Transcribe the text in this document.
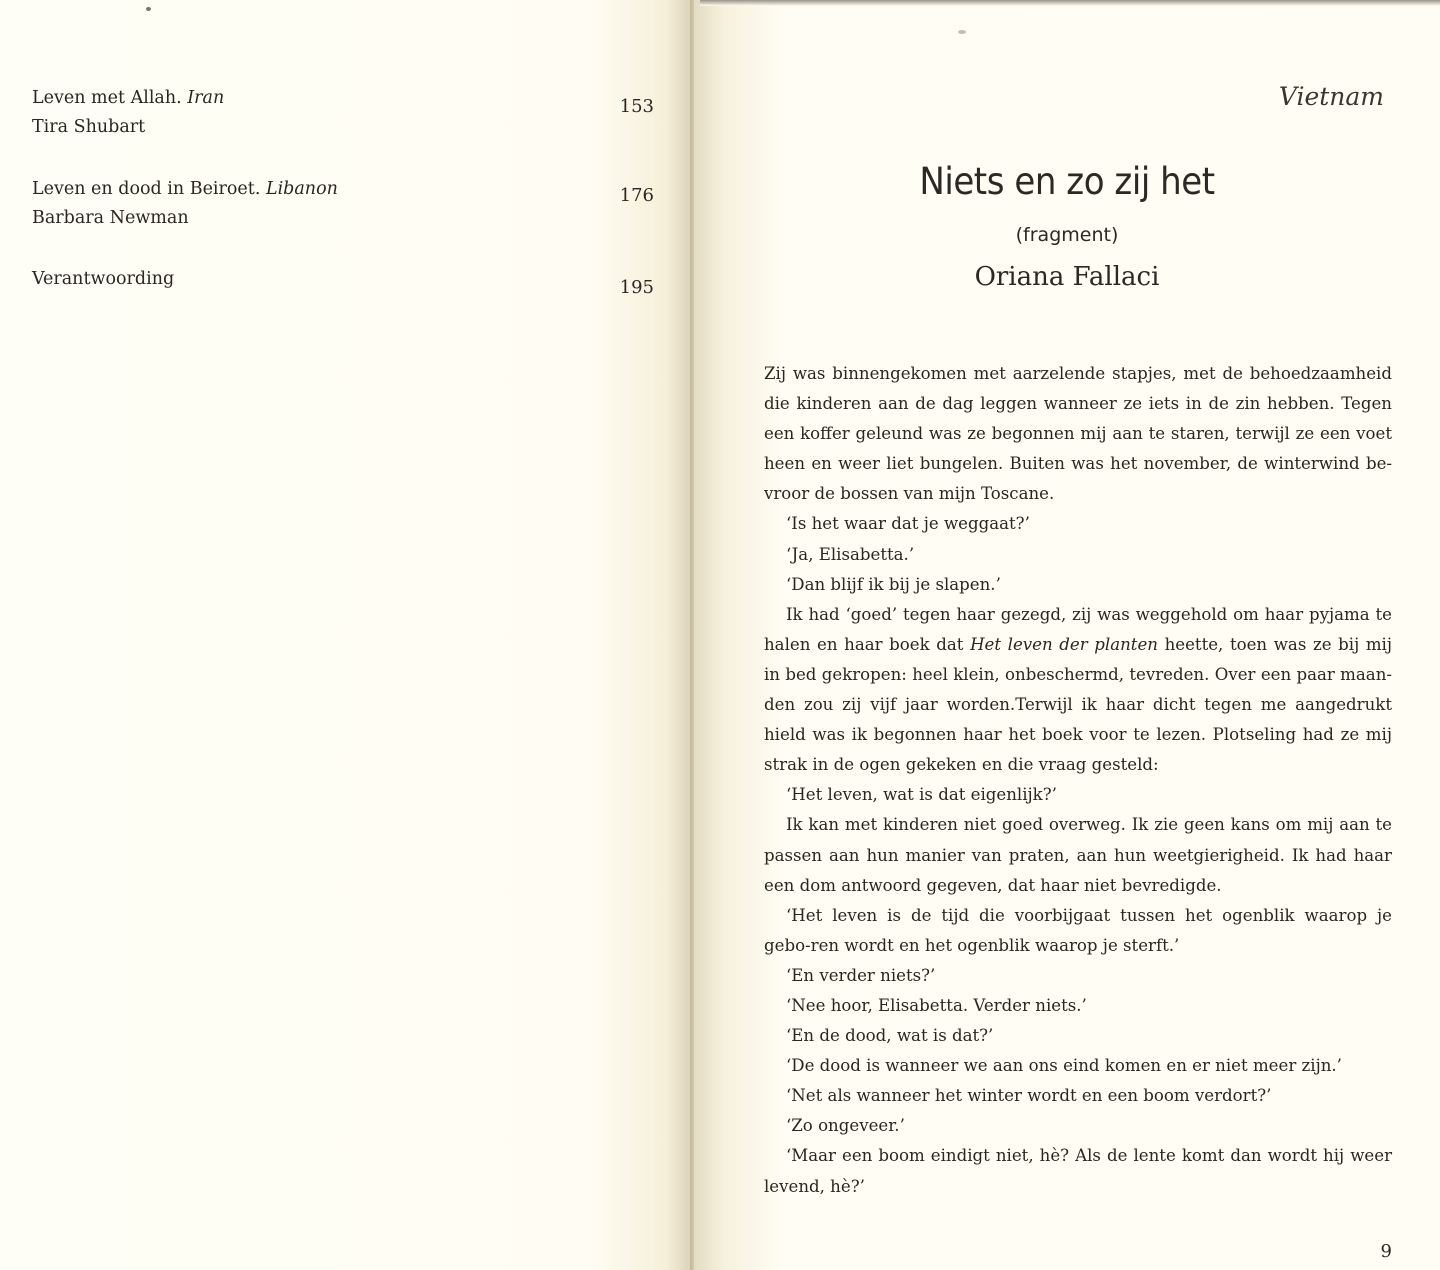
Leven met Allah. Iran
Tira Shubart
153
Leven en dood in Beiroet. Libanon
Barbara Newman
176
Verantwoording	195
Vietnam
Niets en zo zij het
(fragment)
Oriana Fallaci

Zij was binnengekomen met aarzelende stapjes, met de behoedzaamheid die kinderen aan de dag leggen wanneer ze iets in de zin hebben. Tegen een koffer geleund was ze begonnen mij aan te staren, terwijl ze een voet heen en weer liet bungelen. Buiten was het november, de winterwind be-vroor de bossen van mijn Toscane.

‘Is het waar dat je weggaat?’

‘Ja, Elisabetta.’

‘Dan blijf ik bij je slapen.’

Ik had ‘goed’ tegen haar gezegd, zij was weggehold om haar pyjama te halen en haar boek dat Het leven der planten heette, toen was ze bij mij in bed gekropen: heel klein, onbeschermd, tevreden. Over een paar maan-den zou zij vijf jaar worden.Terwijl ik haar dicht tegen me aangedrukt hield was ik begonnen haar het boek voor te lezen. Plotseling had ze mij strak in de ogen gekeken en die vraag gesteld:

‘Het leven, wat is dat eigenlijk?’

Ik kan met kinderen niet goed overweg. Ik zie geen kans om mij aan te passen aan hun manier van praten, aan hun weetgierigheid. Ik had haar een dom antwoord gegeven, dat haar niet bevredigde.

‘Het leven is de tijd die voorbijgaat tussen het ogenblik waarop je gebo-ren wordt en het ogenblik waarop je sterft.’

‘En verder niets?’

‘Nee hoor, Elisabetta. Verder niets.’

‘En de dood, wat is dat?’

‘De dood is wanneer we aan ons eind komen en er niet meer zijn.’

‘Net als wanneer het winter wordt en een boom verdort?’

‘Zo ongeveer.’

‘Maar een boom eindigt niet, hè? Als de lente komt dan wordt hij weer levend, hè?’

9
